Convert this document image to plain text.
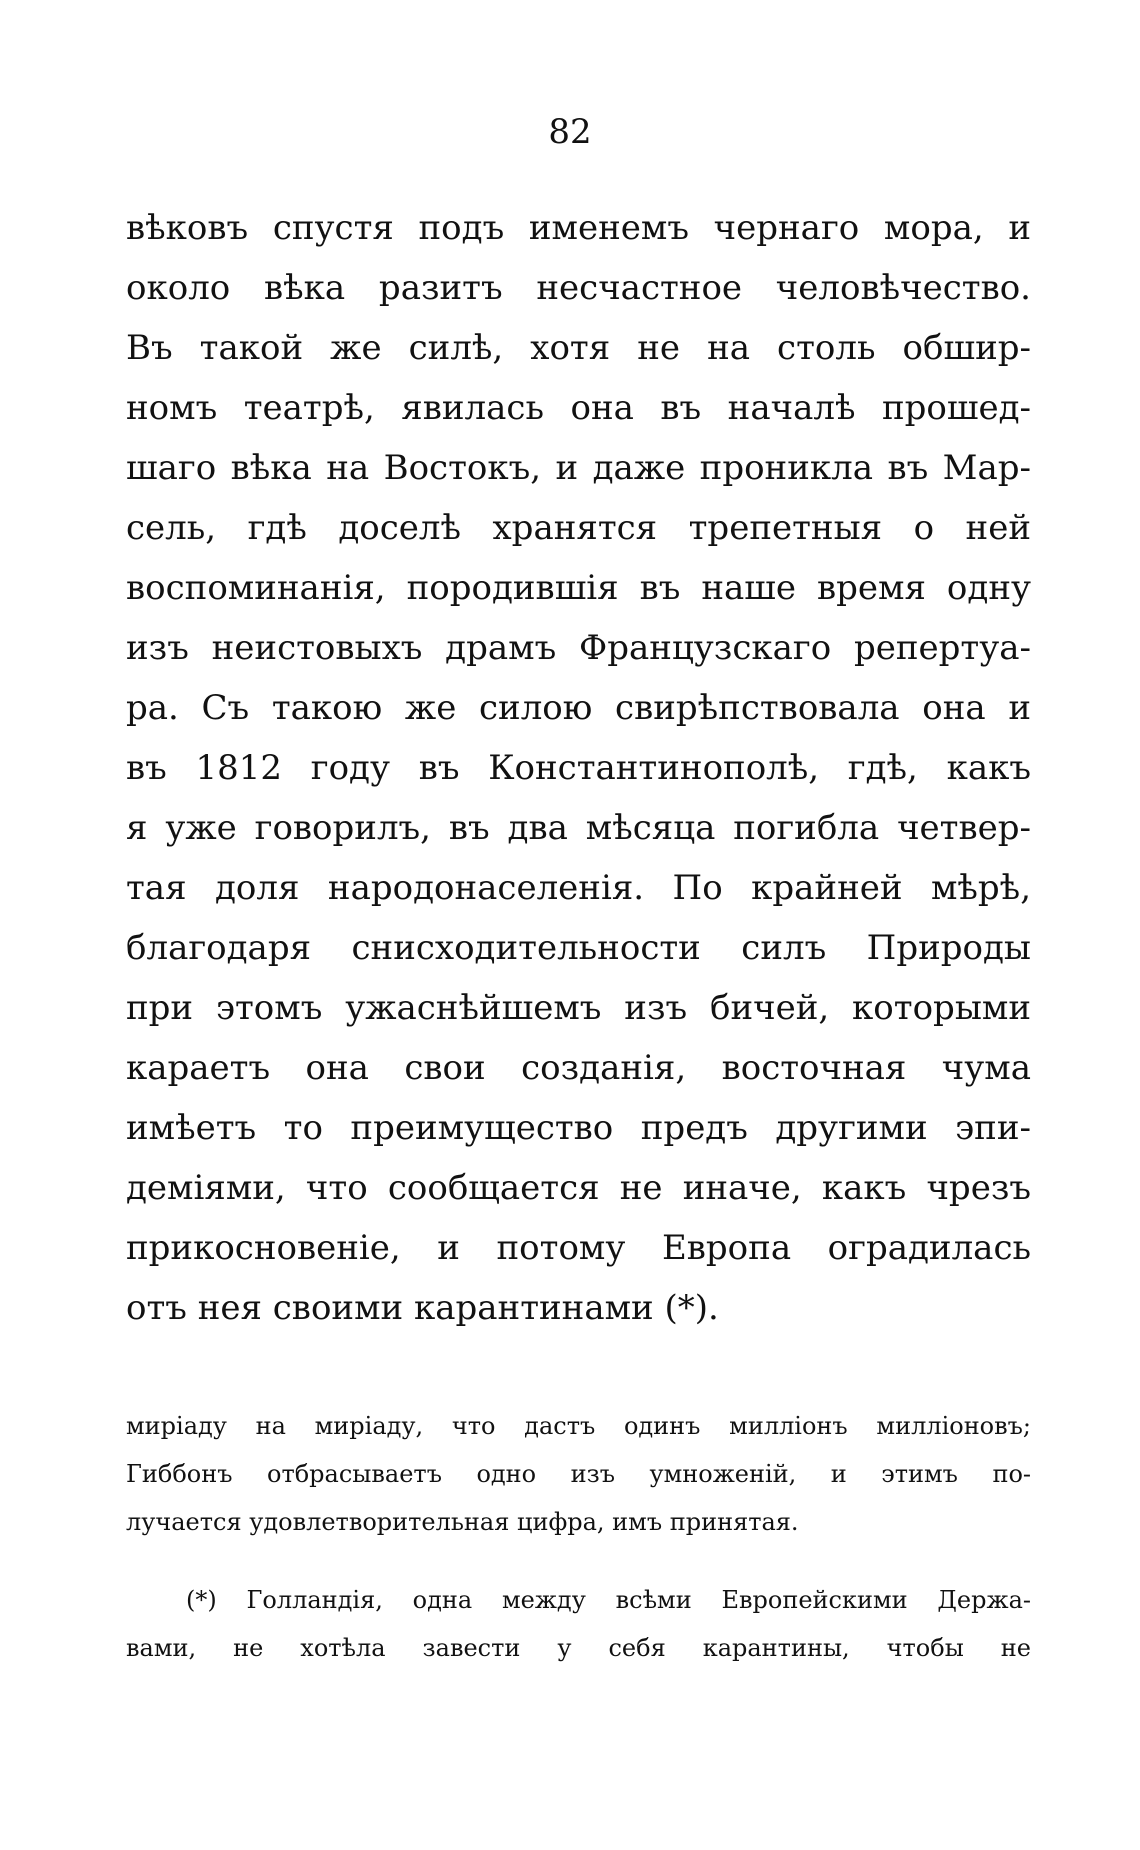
82
вѣковъ спустя подъ именемъ чернаго мора, и
около вѣка разитъ несчастное человѣчество.
Въ такой же силѣ, хотя не на столь обшир-
номъ театрѣ, явилась она въ началѣ прошед-
шаго вѣка на Востокъ, и даже проникла въ Мар-
сель, гдѣ доселѣ хранятся трепетныя о ней
воспоминанія, породившія въ наше время одну
изъ неистовыхъ драмъ Французскаго репертуа-
ра. Съ такою же силою свирѣпствовала она и
въ 1812 году въ Константинополѣ, гдѣ, какъ
я уже говорилъ, въ два мѣсяца погибла четвер-
тая доля народонаселенія. По крайней мѣрѣ,
благодаря снисходительности силъ Природы
при этомъ ужаснѣйшемъ изъ бичей, которыми
караетъ она свои созданія, восточная чума
имѣетъ то преимущество предъ другими эпи-
деміями, что сообщается не иначе, какъ чрезъ
прикосновеніе, и потому Европа оградилась
отъ нея своими карантинами (*).
миріаду на миріаду, что дастъ одинъ милліонъ милліоновъ;
Гиббонъ отбрасываетъ одно изъ умноженій, и этимъ по-
лучается удовлетворительная цифра, имъ принятая.
(*) Голландія, одна между всѣми Европейскими Держа-
вами, не хотѣла завести у себя карантины, чтобы не
